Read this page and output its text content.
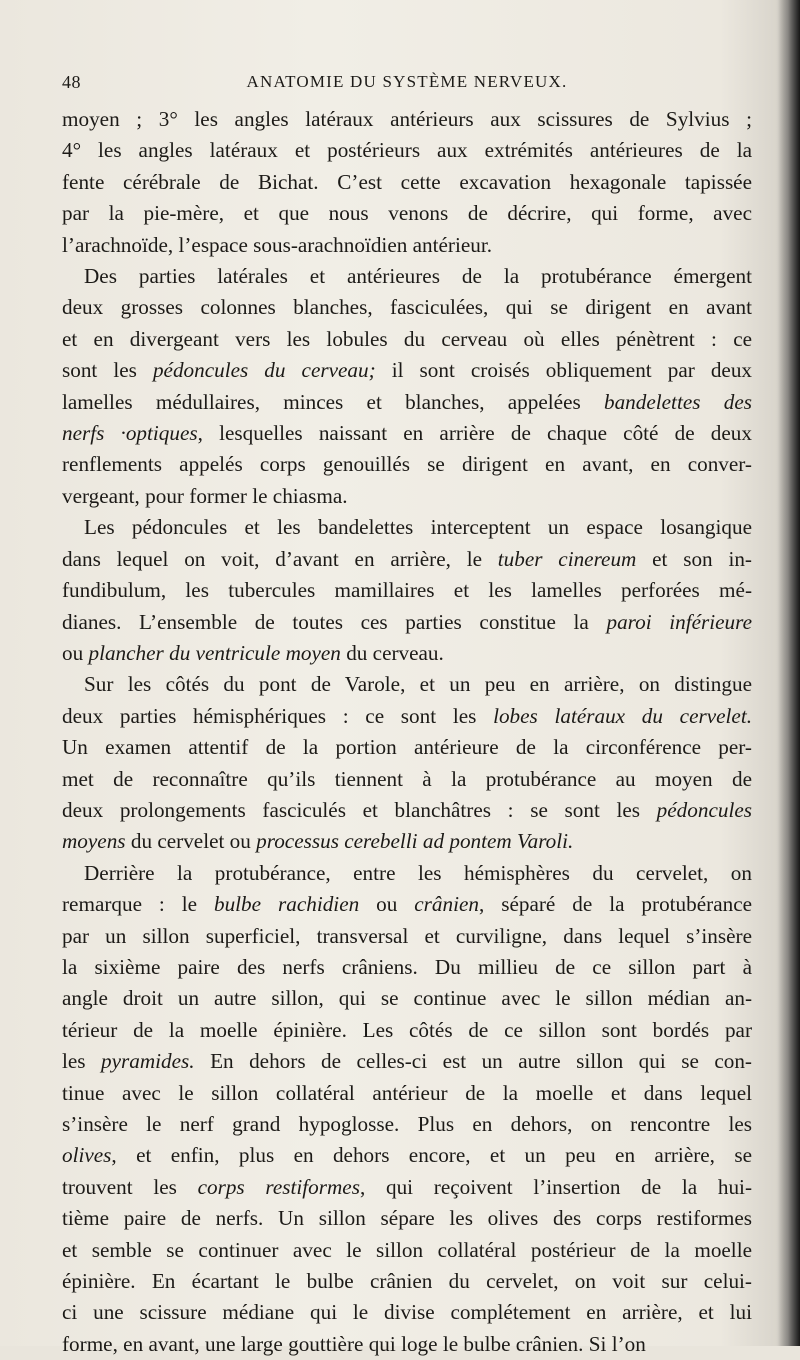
48	ANATOMIE DU SYSTÈME NERVEUX.
moyen ; 3° les angles latéraux antérieurs aux scissures de Sylvius ;
4° les angles latéraux et postérieurs aux extrémités antérieures de la
fente cérébrale de Bichat. C’est cette excavation hexagonale tapissée
par la pie-mère, et que nous venons de décrire, qui forme, avec
l’arachnoïde, l’espace sous-arachnoïdien antérieur.
Des parties latérales et antérieures de la protubérance émergent
deux grosses colonnes blanches, fasciculées, qui se dirigent en avant
et en divergeant vers les lobules du cerveau où elles pénètrent : ce
sont les pédoncules du cerveau; il sont croisés obliquement par deux
lamelles médullaires, minces et blanches, appelées bandelettes des
nerfs ·optiques, lesquelles naissant en arrière de chaque côté de deux
renflements appelés corps genouillés se dirigent en avant, en conver-
vergeant, pour former le chiasma.
Les pédoncules et les bandelettes interceptent un espace losangique
dans lequel on voit, d’avant en arrière, le tuber cinereum et son in-
fundibulum, les tubercules mamillaires et les lamelles perforées mé-
dianes. L’ensemble de toutes ces parties constitue la paroi inférieure
ou plancher du ventricule moyen du cerveau.
Sur les côtés du pont de Varole, et un peu en arrière, on distingue
deux parties hémisphériques : ce sont les lobes latéraux du cervelet.
Un examen attentif de la portion antérieure de la circonférence per-
met de reconnaître qu’ils tiennent à la protubérance au moyen de
deux prolongements fasciculés et blanchâtres : se sont les pédoncules
moyens du cervelet ou processus cerebelli ad pontem Varoli.
Derrière la protubérance, entre les hémisphères du cervelet, on
remarque : le bulbe rachidien ou crânien, séparé de la protubérance
par un sillon superficiel, transversal et curviligne, dans lequel s’insère
la sixième paire des nerfs crâniens. Du millieu de ce sillon part à
angle droit un autre sillon, qui se continue avec le sillon médian an-
térieur de la moelle épinière. Les côtés de ce sillon sont bordés par
les pyramides. En dehors de celles-ci est un autre sillon qui se con-
tinue avec le sillon collatéral antérieur de la moelle et dans lequel
s’insère le nerf grand hypoglosse. Plus en dehors, on rencontre les
olives, et enfin, plus en dehors encore, et un peu en arrière, se
trouvent les corps restiformes, qui reçoivent l’insertion de la hui-
tième paire de nerfs. Un sillon sépare les olives des corps restiformes
et semble se continuer avec le sillon collatéral postérieur de la moelle
épinière. En écartant le bulbe crânien du cervelet, on voit sur celui-
ci une scissure médiane qui le divise complétement en arrière, et lui
forme, en avant, une large gouttière qui loge le bulbe crânien. Si l’on
